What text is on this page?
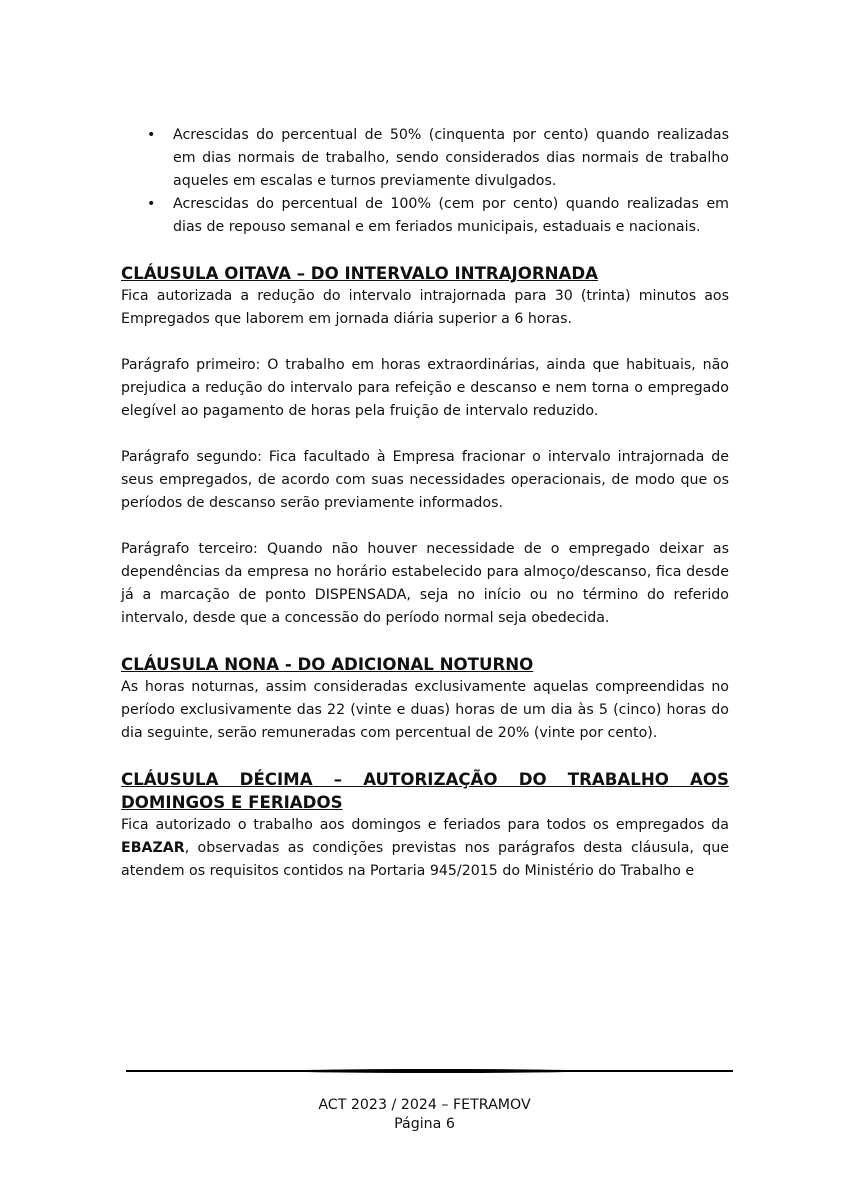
• Acrescidas do percentual de 50% (cinquenta por cento) quando realizadas em dias normais de trabalho, sendo considerados dias normais de trabalho aqueles em escalas e turnos previamente divulgados.
• Acrescidas do percentual de 100% (cem por cento) quando realizadas em dias de repouso semanal e em feriados municipais, estaduais e nacionais.
CLÁUSULA OITAVA – DO INTERVALO INTRAJORNADA

Fica autorizada a redução do intervalo intrajornada para 30 (trinta) minutos aos Empregados que laborem em jornada diária superior a 6 horas.

Parágrafo primeiro: O trabalho em horas extraordinárias, ainda que habituais, não prejudica a redução do intervalo para refeição e descanso e nem torna o empregado elegível ao pagamento de horas pela fruição de intervalo reduzido.

Parágrafo segundo: Fica facultado à Empresa fracionar o intervalo intrajornada de seus empregados, de acordo com suas necessidades operacionais, de modo que os períodos de descanso serão previamente informados.

Parágrafo terceiro: Quando não houver necessidade de o empregado deixar as dependências da empresa no horário estabelecido para almoço/descanso, fica desde já a marcação de ponto DISPENSADA, seja no início ou no término do referido intervalo, desde que a concessão do período normal seja obedecida.

CLÁUSULA NONA - DO ADICIONAL NOTURNO

As horas noturnas, assim consideradas exclusivamente aquelas compreendidas no período exclusivamente das 22 (vinte e duas) horas de um dia às 5 (cinco) horas do dia seguinte, serão remuneradas com percentual de 20% (vinte por cento).

CLÁUSULA DÉCIMA – AUTORIZAÇÃO DO TRABALHO AOS DOMINGOS E FERIADOS

Fica autorizado o trabalho aos domingos e feriados para todos os empregados da EBAZAR, observadas as condições previstas nos parágrafos desta cláusula, que atendem os requisitos contidos na Portaria 945/2015 do Ministério do Trabalho e

ACT 2023 / 2024 – FETRAMOV
Página 6
